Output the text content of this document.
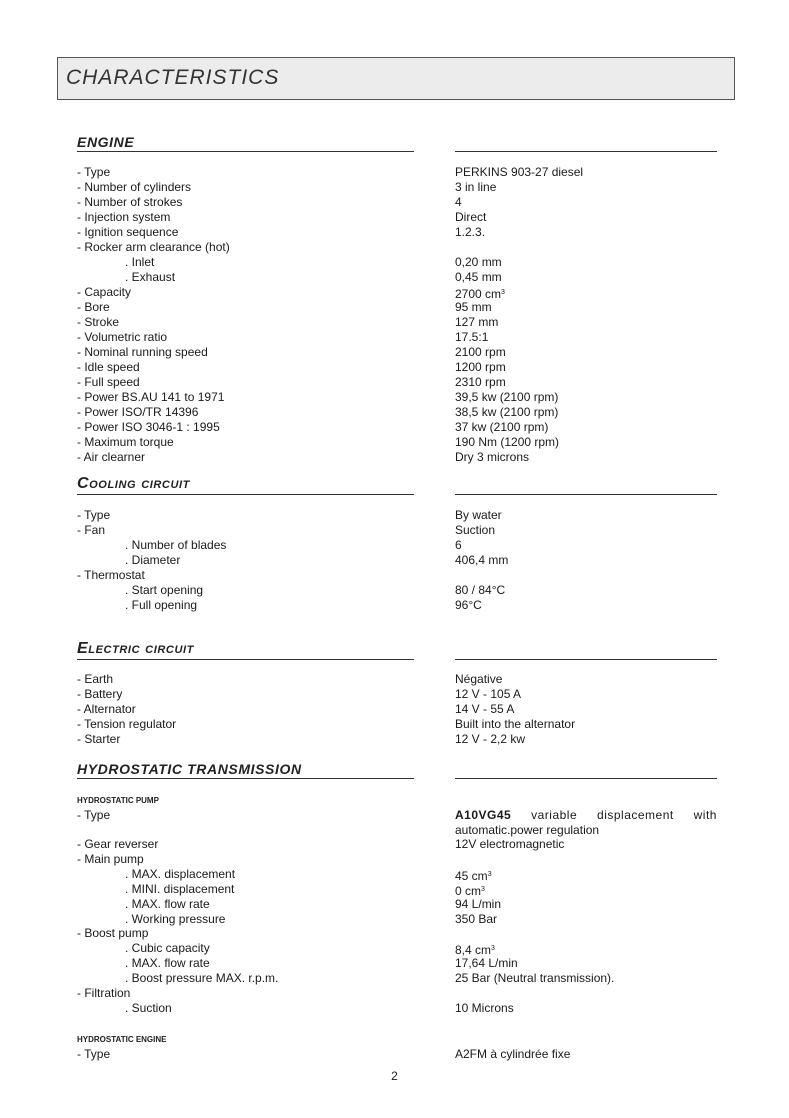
CHARACTERISTICS
ENGINE
- Type	PERKINS 903-27 diesel
- Number of cylinders	3 in line
- Number of strokes	4
- Injection system	Direct
- Ignition sequence	1.2.3.
- Rocker arm clearance (hot)
. Inlet	0,20 mm
. Exhaust	0,45 mm
- Capacity	2700 $cm^3$
- Bore	95 mm
- Stroke	127 mm
- Volumetric ratio	17.5:1
- Nominal running speed	2100 rpm
- Idle speed	1200 rpm
- Full speed	2310 rpm
- Power BS.AU 141 to 1971	39,5 kw (2100 rpm)
- Power ISO/TR 14396	38,5 kw (2100 rpm)
- Power ISO 3046-1 : 1995	37 kw (2100 rpm)
- Maximum torque	190 Nm (1200 rpm)
- Air clearner	Dry 3 microns
Cooling circuit
- Type	By water
- Fan	Suction
. Number of blades	6
. Diameter	406,4 mm
- Thermostat
. Start opening	80 / 84°C
. Full opening	96°C
Electric circuit
- Earth	Négative
- Battery	12 V - 105 A
- Alternator	14 V - 55 A
- Tension regulator	Built into the alternator
- Starter	12 V - 2,2 kw
HYDROSTATIC TRANSMISSION
HYDROSTATIC PUMP
- Type	A10VG45 variable displacement with
automatic.power regulation
- Gear reverser	12V electromagnetic
- Main pump
. MAX. displacement	45 $cm^3$
. MINI. displacement	0 $cm^3$
. MAX. flow rate	94 L/min
. Working pressure	350 Bar
- Boost pump
. Cubic capacity	8,4 $cm^3$
. MAX. flow rate	17,64 L/min
. Boost pressure MAX. r.p.m.	25 Bar (Neutral transmission).
- Filtration
. Suction	10 Microns
HYDROSTATIC ENGINE
- Type	A2FM à cylindrée fixe
2
